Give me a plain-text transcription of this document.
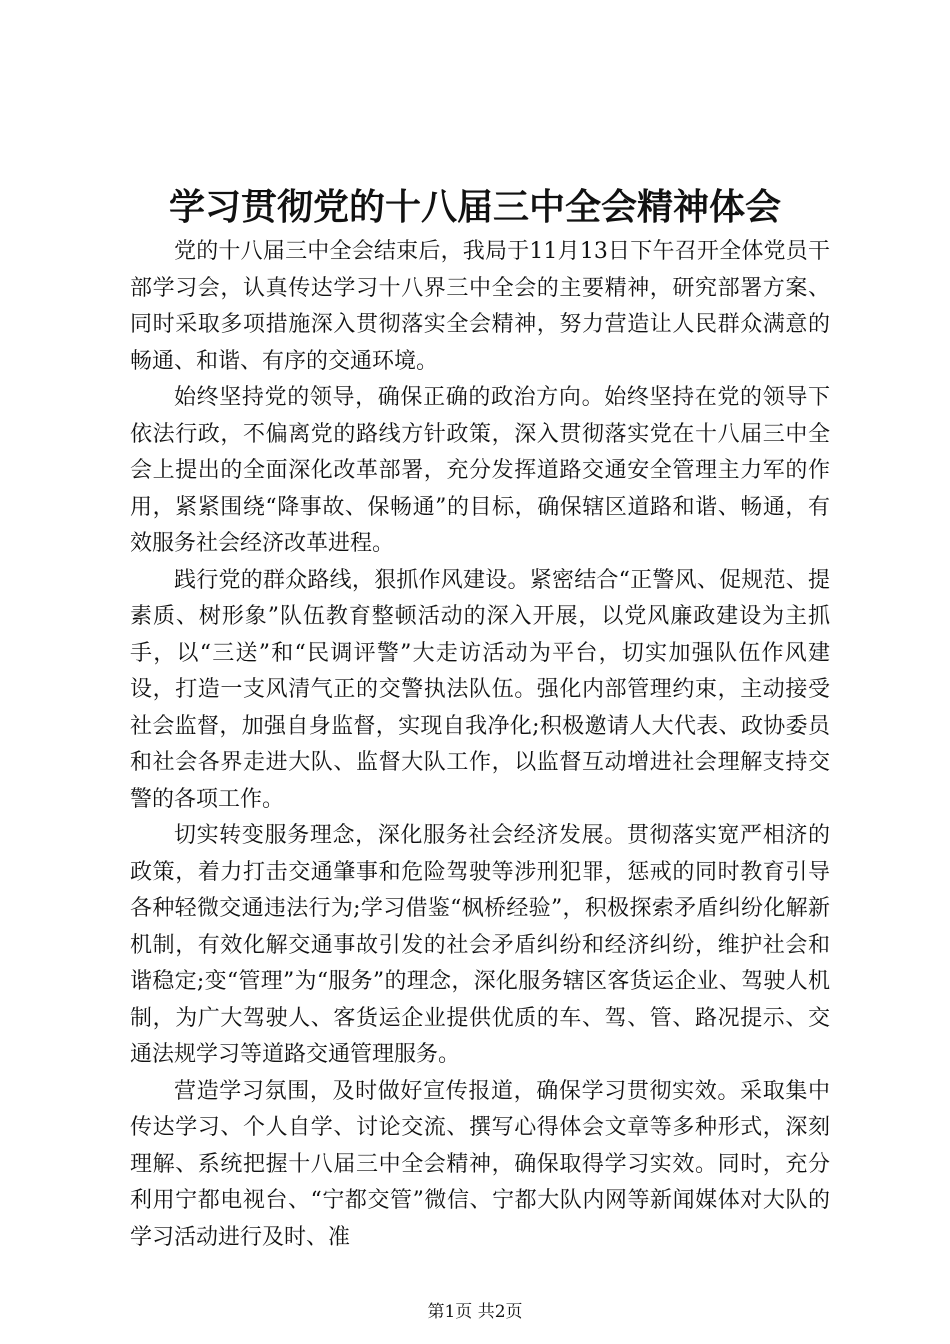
学习贯彻党的十八届三中全会精神体会

党的十八届三中全会结束后，我局于11月13日下午召开全体党员干部学习会，认真传达学习十八界三中全会的主要精神，研究部署方案、同时采取多项措施深入贯彻落实全会精神，努力营造让人民群众满意的畅通、和谐、有序的交通环境。

始终坚持党的领导，确保正确的政治方向。始终坚持在党的领导下依法行政，不偏离党的路线方针政策，深入贯彻落实党在十八届三中全会上提出的全面深化改革部署，充分发挥道路交通安全管理主力军的作用，紧紧围绕“降事故、保畅通”的目标，确保辖区道路和谐、畅通，有效服务社会经济改革进程。

践行党的群众路线，狠抓作风建设。紧密结合“正警风、促规范、提素质、树形象”队伍教育整顿活动的深入开展，以党风廉政建设为主抓手，以“三送”和“民调评警”大走访活动为平台，切实加强队伍作风建设，打造一支风清气正的交警执法队伍。强化内部管理约束，主动接受社会监督，加强自身监督，实现自我净化;积极邀请人大代表、政协委员和社会各界走进大队、监督大队工作，以监督互动增进社会理解支持交警的各项工作。

切实转变服务理念，深化服务社会经济发展。贯彻落实宽严相济的政策，着力打击交通肇事和危险驾驶等涉刑犯罪，惩戒的同时教育引导各种轻微交通违法行为;学习借鉴“枫桥经验”，积极探索矛盾纠纷化解新机制，有效化解交通事故引发的社会矛盾纠纷和经济纠纷，维护社会和谐稳定;变“管理”为“服务”的理念，深化服务辖区客货运企业、驾驶人机制，为广大驾驶人、客货运企业提供优质的车、驾、管、路况提示、交通法规学习等道路交通管理服务。

营造学习氛围，及时做好宣传报道，确保学习贯彻实效。采取集中传达学习、个人自学、讨论交流、撰写心得体会文章等多种形式，深刻理解、系统把握十八届三中全会精神，确保取得学习实效。同时，充分利用宁都电视台、“宁都交管”微信、宁都大队内网等新闻媒体对大队的学习活动进行及时、准

第1页 共2页
